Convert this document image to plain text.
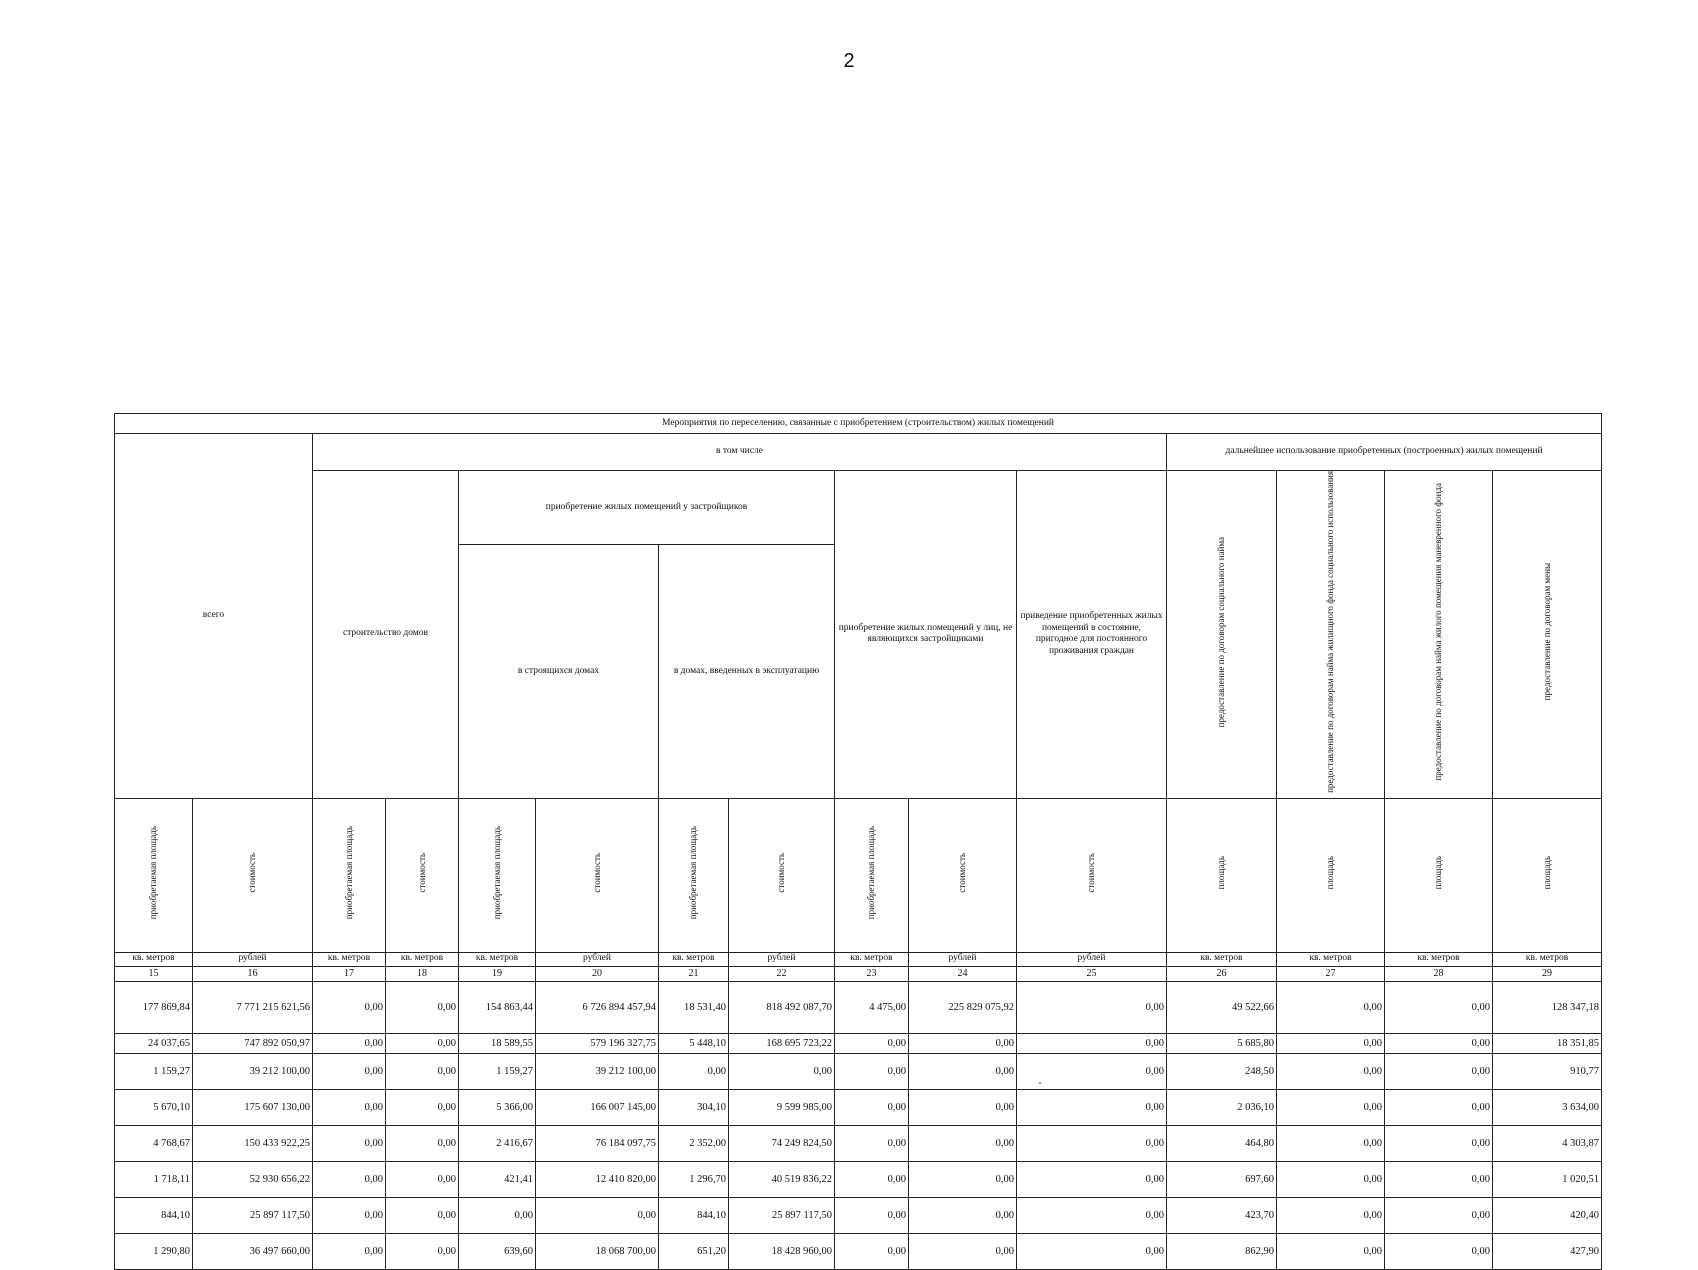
2
Мероприятия по переселению, связанные с приобретением (строительством) жилых помещений														
всего		в том числе									дальнейшее использование приобретенных (построенных) жилых помещений			
		строительство домов		приобретение жилых помещений у застройщиков				приобретение жилых помещений у лиц, не являющихся застройщиками		приведение приобретенных жилых помещений в состояние, пригодное для постоянного проживания граждан	предоставление по договорам социального найма	предоставление по договорам найма жилищного фонда социального использования	предоставление по договорам найма жилого помещения маневренного фонда	предоставление по договорам мены
				в строящихся домах		в домах, введенных в эксплуатацию								
приобретаемая площадь	стоимость	приобретаемая площадь	стоимость	приобретаемая площадь	стоимость	приобретаемая площадь	стоимость	приобретаемая площадь	стоимость	стоимость	площадь	площадь	площадь	площадь
кв. метров	рублей	кв. метров	кв. метров	кв. метров	рублей	кв. метров	рублей	кв. метров	рублей	рублей	кв. метров	кв. метров	кв. метров	кв. метров
15	16	17	18	19	20	21	22	23	24	25	26	27	28	29
177 869,84	7 771 215 621,56	0,00	0,00	154 863,44	6 726 894 457,94	18 531,40	818 492 087,70	4 475,00	225 829 075,92	0,00	49 522,66	0,00	0,00	128 347,18
24 037,65	747 892 050,97	0,00	0,00	18 589,55	579 196 327,75	5 448,10	168 695 723,22	0,00	0,00	0,00	5 685,80	0,00	0,00	18 351,85
1 159,27	39 212 100,00	0,00	0,00	1 159,27	39 212 100,00	0,00	0,00	0,00	0,00	0,00	248,50	0,00	0,00	910,77
5 670,10	175 607 130,00	0,00	0,00	5 366,00	166 007 145,00	304,10	9 599 985,00	0,00	0,00	0,00	2 036,10	0,00	0,00	3 634,00
4 768,67	150 433 922,25	0,00	0,00	2 416,67	76 184 097,75	2 352,00	74 249 824,50	0,00	0,00	0,00	464,80	0,00	0,00	4 303,87
1 718,11	52 930 656,22	0,00	0,00	421,41	12 410 820,00	1 296,70	40 519 836,22	0,00	0,00	0,00	697,60	0,00	0,00	1 020,51
844,10	25 897 117,50	0,00	0,00	0,00	0,00	844,10	25 897 117,50	0,00	0,00	0,00	423,70	0,00	0,00	420,40
1 290,80	36 497 660,00	0,00	0,00	639,60	18 068 700,00	651,20	18 428 960,00	0,00	0,00	0,00	862,90	0,00	0,00	427,90
